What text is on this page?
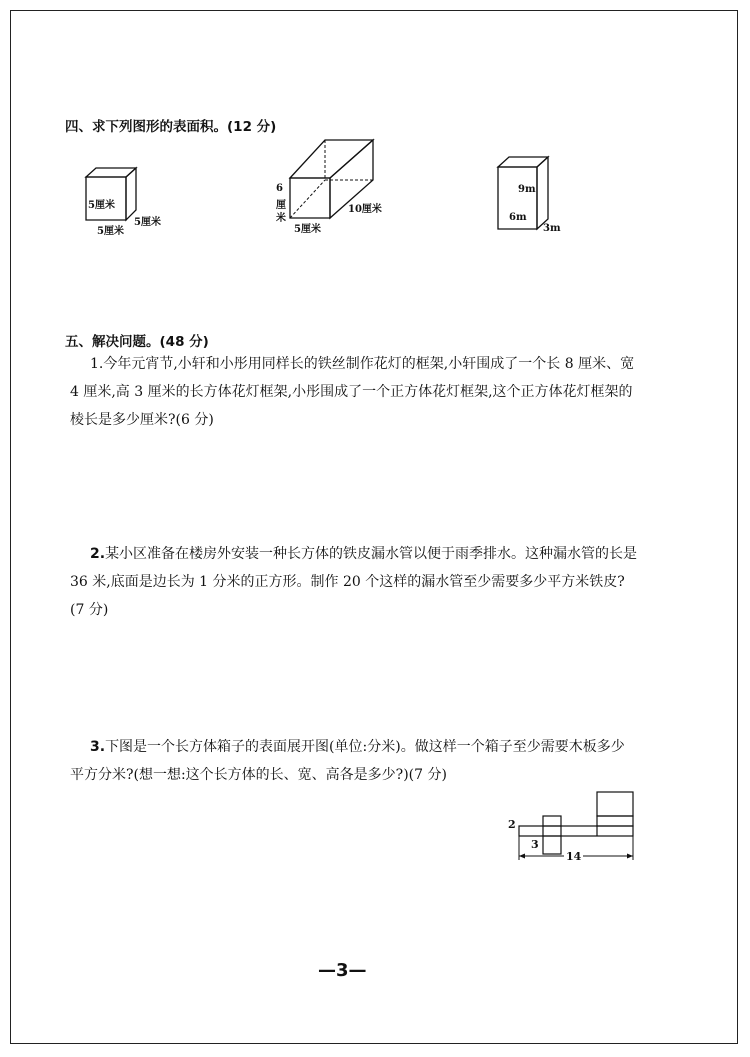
四、求下列图形的表面积。(12 分)
5厘米
5厘米
5厘米
6
厘
米
10厘米
5厘米
9m
6m
3m
五、解决问题。(48 分)
1.今年元宵节,小轩和小彤用同样长的铁丝制作花灯的框架,小轩围成了一个长 8 厘米、宽 4 厘米,高 3 厘米的长方体花灯框架,小彤围成了一个正方体花灯框架,这个正方体花灯框架的棱长是多少厘米?(6 分)
2.某小区准备在楼房外安装一种长方体的铁皮漏水管以便于雨季排水。这种漏水管的长是 36 米,底面是边长为 1 分米的正方形。制作 20 个这样的漏水管至少需要多少平方米铁皮?(7 分)
3.下图是一个长方体箱子的表面展开图(单位:分米)。做这样一个箱子至少需要木板多少平方分米?(想一想:这个长方体的长、宽、高各是多少?)(7 分)
2
3
14
—3—
